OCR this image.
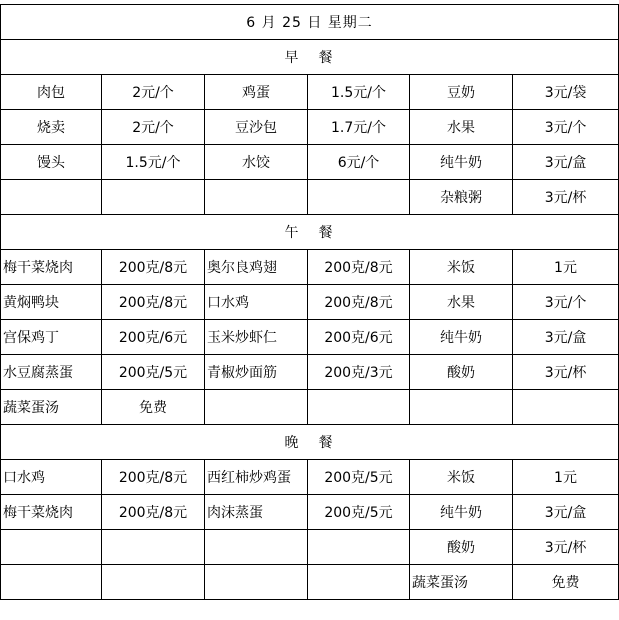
6 月 25 日 星期二					
早 餐					
肉包	2元/个	鸡蛋	1.5元/个	豆奶	3元/袋
烧卖	2元/个	豆沙包	1.7元/个	水果	3元/个
馒头	1.5元/个	水饺	6元/个	纯牛奶	3元/盒
				杂粮粥	3元/杯
午 餐					
梅干菜烧肉	200克/8元	奥尔良鸡翅	200克/8元	米饭	1元
黄焖鸭块	200克/8元	口水鸡	200克/8元	水果	3元/个
宫保鸡丁	200克/6元	玉米炒虾仁	200克/6元	纯牛奶	3元/盒
水豆腐蒸蛋	200克/5元	青椒炒面筋	200克/3元	酸奶	3元/杯
蔬菜蛋汤	免费				
晚 餐					
口水鸡	200克/8元	西红柿炒鸡蛋	200克/5元	米饭	1元
梅干菜烧肉	200克/8元	肉沫蒸蛋	200克/5元	纯牛奶	3元/盒
				酸奶	3元/杯
				蔬菜蛋汤	免费
